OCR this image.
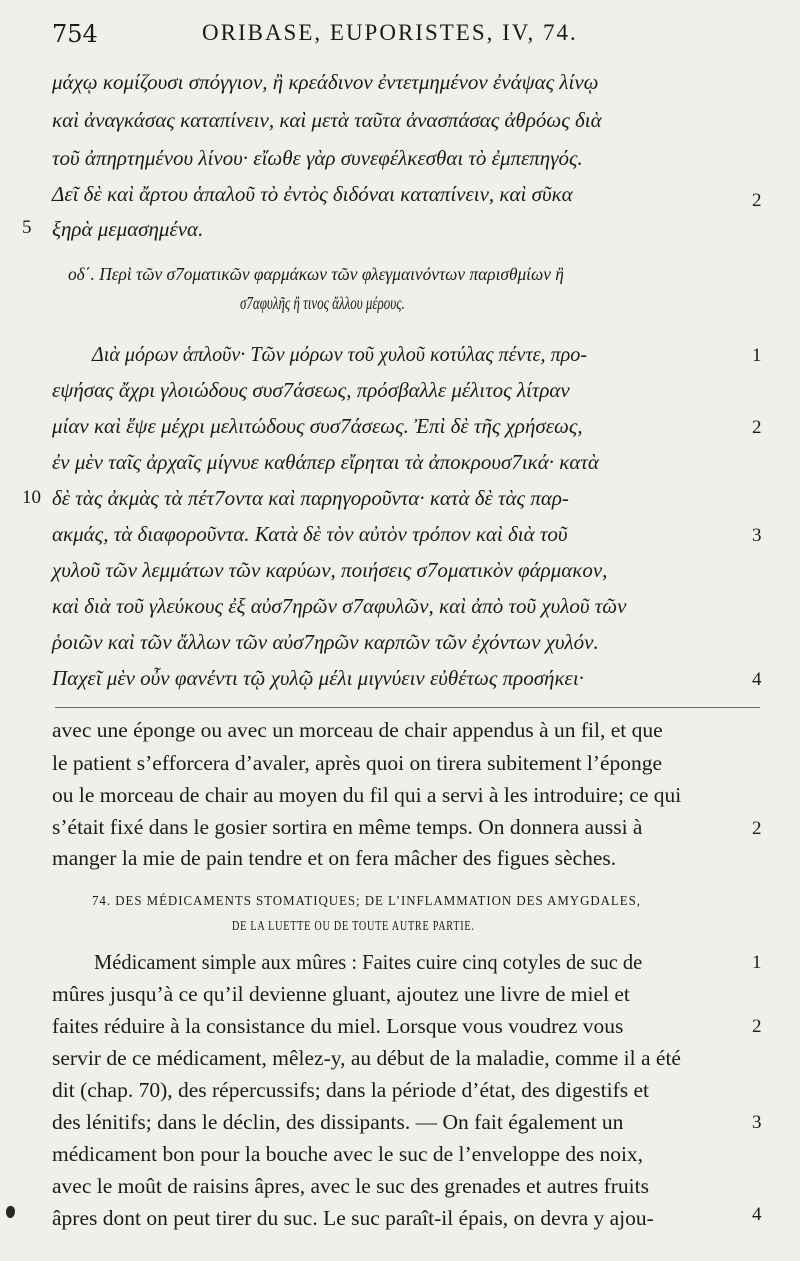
754	ORIBASE, EUPORISTES, IV, 74.
μάχῳ κομίζουσι σπόγγιον, ἢ κρεάδινον ἐντετμημένον ἐνάψας λίνῳ
καὶ ἀναγκάσας καταπίνειν, καὶ μετὰ ταῦτα ἀνασπάσας ἀθρόως διὰ
τοῦ ἀπηρτημένου λίνου· εἴωθε γὰρ συνεφέλκεσθαι τὸ ἐμπεπηγός.
Δεῖ δὲ καὶ ἄρτου ἁπαλοῦ τὸ ἐντὸς διδόναι καταπίνειν, καὶ σῦκα
ξηρὰ μεμασημένα.
2
5
οδ΄. Περὶ τῶν σ7οματικῶν φαρμάκων τῶν φλεγμαινόντων παρισθμίων ἢ
σ7αφυλῆς ἢ τινος ἄλλου μέρους.
Διὰ μόρων ἁπλοῦν· Τῶν μόρων τοῦ χυλοῦ κοτύλας πέντε, προ-
εψήσας ἄχρι γλοιώδους συσ7άσεως, πρόσβαλλε μέλιτος λίτραν
μίαν καὶ ἕψε μέχρι μελιτώδους συσ7άσεως. Ἐπὶ δὲ τῆς χρήσεως,
ἐν μὲν ταῖς ἀρχαῖς μίγνυε καθάπερ εἴρηται τὰ ἀποκρουσ7ικά· κατὰ
δὲ τὰς ἀκμὰς τὰ πέτ7οντα καὶ παρηγοροῦντα· κατὰ δὲ τὰς παρ-
ακμάς, τὰ διαφοροῦντα. Κατὰ δὲ τὸν αὐτὸν τρόπον καὶ διὰ τοῦ
χυλοῦ τῶν λεμμάτων τῶν καρύων, ποιήσεις σ7οματικὸν φάρμακον,
καὶ διὰ τοῦ γλεύκους ἐξ αὐσ7ηρῶν σ7αφυλῶν, καὶ ἀπὸ τοῦ χυλοῦ τῶν
ῥοιῶν καὶ τῶν ἄλλων τῶν αὐσ7ηρῶν καρπῶν τῶν ἐχόντων χυλόν.
Παχεῖ μὲν οὖν φανέντι τῷ χυλῷ μέλι μιγνύειν εὐθέτως προσήκει·
1
2
10
3
4
avec une éponge ou avec un morceau de chair appendus à un fil, et que
le patient s’efforcera d’avaler, après quoi on tirera subitement l’éponge
ou le morceau de chair au moyen du fil qui a servi à les introduire; ce qui
s’était fixé dans le gosier sortira en même temps. On donnera aussi à
manger la mie de pain tendre et on fera mâcher des figues sèches.
2
74. DES MÉDICAMENTS STOMATIQUES; DE L’INFLAMMATION DES AMYGDALES,
DE LA LUETTE OU DE TOUTE AUTRE PARTIE.
Médicament simple aux mûres : Faites cuire cinq cotyles de suc de
mûres jusqu’à ce qu’il devienne gluant, ajoutez une livre de miel et
faites réduire à la consistance du miel. Lorsque vous voudrez vous
servir de ce médicament, mêlez-y, au début de la maladie, comme il a été
dit (chap. 70), des répercussifs; dans la période d’état, des digestifs et
des lénitifs; dans le déclin, des dissipants. — On fait également un
médicament bon pour la bouche avec le suc de l’enveloppe des noix,
avec le moût de raisins âpres, avec le suc des grenades et autres fruits
âpres dont on peut tirer du suc. Le suc paraît-il épais, on devra y ajou-
1
2
3
4
